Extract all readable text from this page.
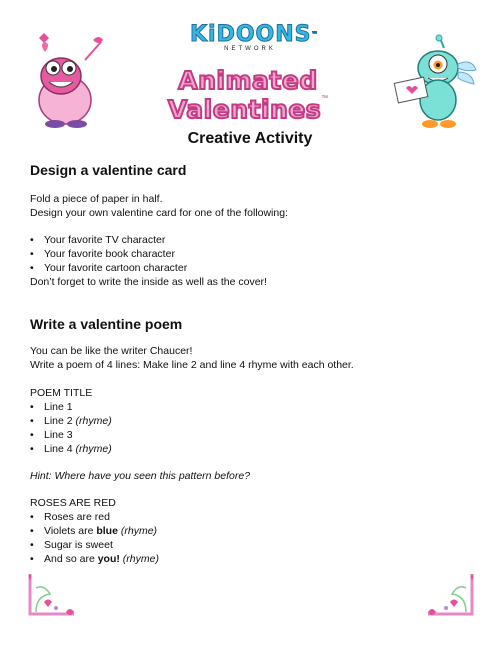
KiDOONS™
NETWORK
Animated Valentines™
Creative Activity
Design a valentine card

Fold a piece of paper in half.

Design your own valentine card for one of the following:

• Your favorite TV character
• Your favorite book character
• Your favorite cartoon character

Don’t forget to write the inside as well as the cover!

Write a valentine poem

You can be like the writer Chaucer!

Write a poem of 4 lines: Make line 2 and line 4 rhyme with each other.

POEM TITLE

• Line 1
• Line 2 (rhyme)
• Line 3
• Line 4 (rhyme)
Hint: Where have you seen this pattern before?

ROSES ARE RED

• Roses are red
• Violets are blue (rhyme)
• Sugar is sweet
• And so are you! (rhyme)
